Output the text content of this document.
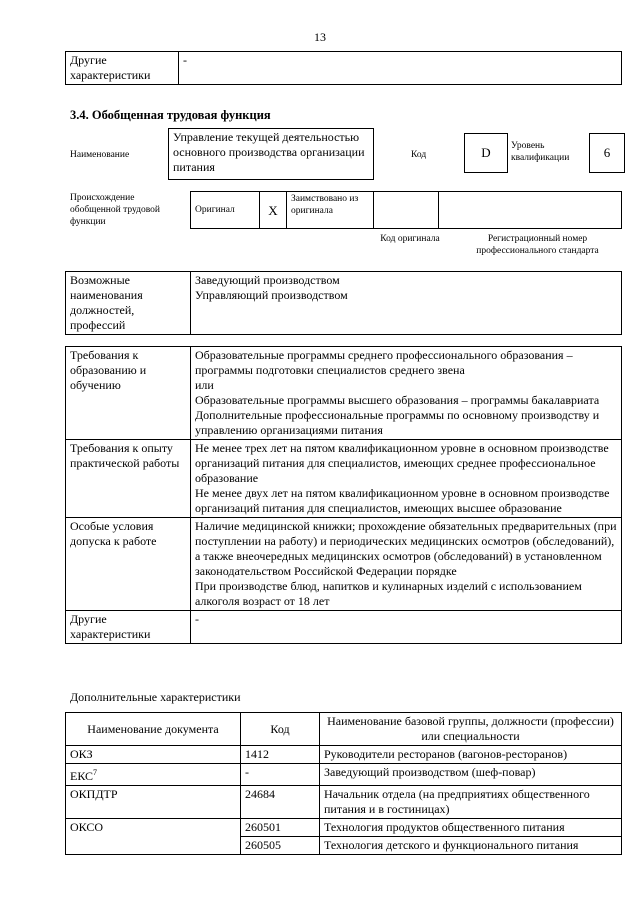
13
Другие характеристики	-
3.4. Обобщенная трудовая функция
Наименование
Управление текущей деятельностью основного производства организации питания
Код	D	Уровень квалификации	6
Происхождение обобщенной трудовой функции
Оригинал	X	Заимствовано из оригинала		
Код оригинала	Регистрационный номер профессионального стандарта
Возможные наименования должностей, профессий	
Заведующий производством
Управляющий производством
Требования к образованию и обучению	Образовательные программы среднего профессионального образования – программы подготовки специалистов среднего звена
или
Образовательные программы высшего образования – программы бакалавриата
Дополнительные профессиональные программы по основному производству и управлению организациями питания

Требования к опыту практической работы	Не менее трех лет на пятом квалификационном уровне в основном производстве организаций питания для специалистов, имеющих среднее профессиональное образование
Не менее двух лет на пятом квалификационном уровне в основном производстве организаций питания для специалистов, имеющих высшее образование

Особые условия допуска к работе	Наличие медицинской книжки; прохождение обязательных предварительных (при поступлении на работу) и периодических медицинских осмотров (обследований), а также внеочередных медицинских осмотров (обследований) в установленном законодательством Российской Федерации порядке
При производстве блюд, напитков и кулинарных изделий с использованием алкоголя возраст от 18 лет

Другие характеристики	-
Дополнительные характеристики
Наименование документа	Код	Наименование базовой группы, должности (профессии) или специальности
ОКЗ	1412	Руководители ресторанов (вагонов-ресторанов)
ЕКС$^7$	-	Заведующий производством (шеф-повар)
ОКПДТР	24684	Начальник отдела (на предприятиях общественного питания и в гостиницах)
ОКСО	260501	Технология продуктов общественного питания
	260505	Технология детского и функционального питания
